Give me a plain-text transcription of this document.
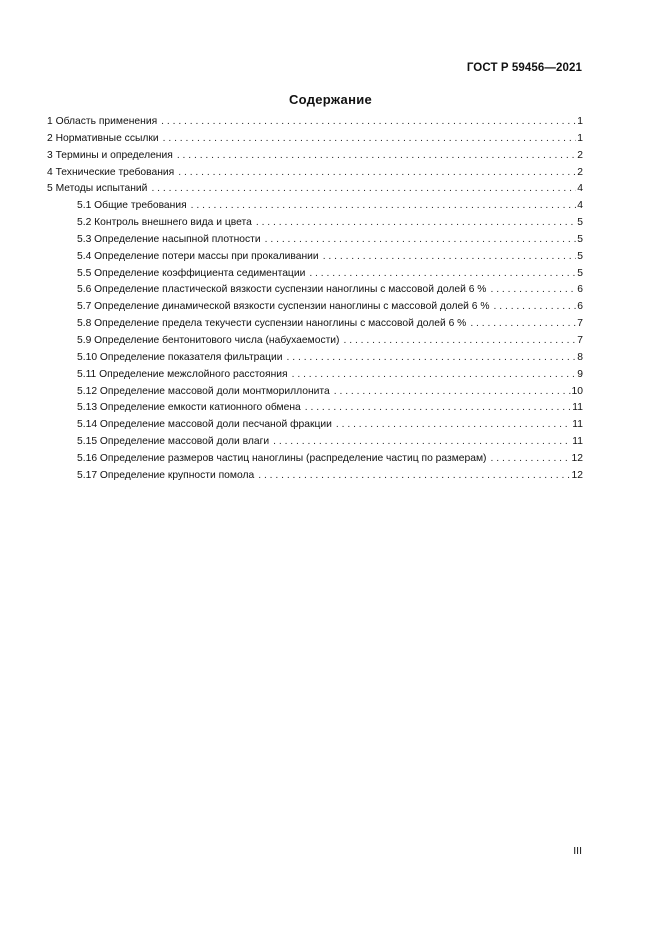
ГОСТ Р 59456—2021
Содержание
1 Область применения . . .	1
2 Нормативные ссылки . . .	1
3 Термины и определения . . .	2
4 Технические требования . . .	2
5 Методы испытаний . . .	4
5.1 Общие требования . . .	4
5.2 Контроль внешнего вида и цвета . . .	5
5.3 Определение насыпной плотности . . .	5
5.4 Определение потери массы при прокаливании . . .	5
5.5 Определение коэффициента седиментации . . .	5
5.6 Определение пластической вязкости суспензии наноглины с массовой долей 6 % . . .	6
5.7 Определение динамической вязкости суспензии наноглины с массовой долей 6 % . . .	6
5.8 Определение предела текучести суспензии наноглины с массовой долей 6 % . . .	7
5.9 Определение бентонитового числа (набухаемости) . . .	7
5.10 Определение показателя фильтрации . . .	8
5.11 Определение межслойного расстояния . . .	9
5.12 Определение массовой доли монтмориллонита . . .	10
5.13 Определение емкости катионного обмена . . .	11
5.14 Определение массовой доли песчаной фракции . . .	11
5.15 Определение массовой доли влаги . . .	11
5.16 Определение размеров частиц наноглины (распределение частиц по размерам) . . .	12
5.17 Определение крупности помола . . .	12
III
